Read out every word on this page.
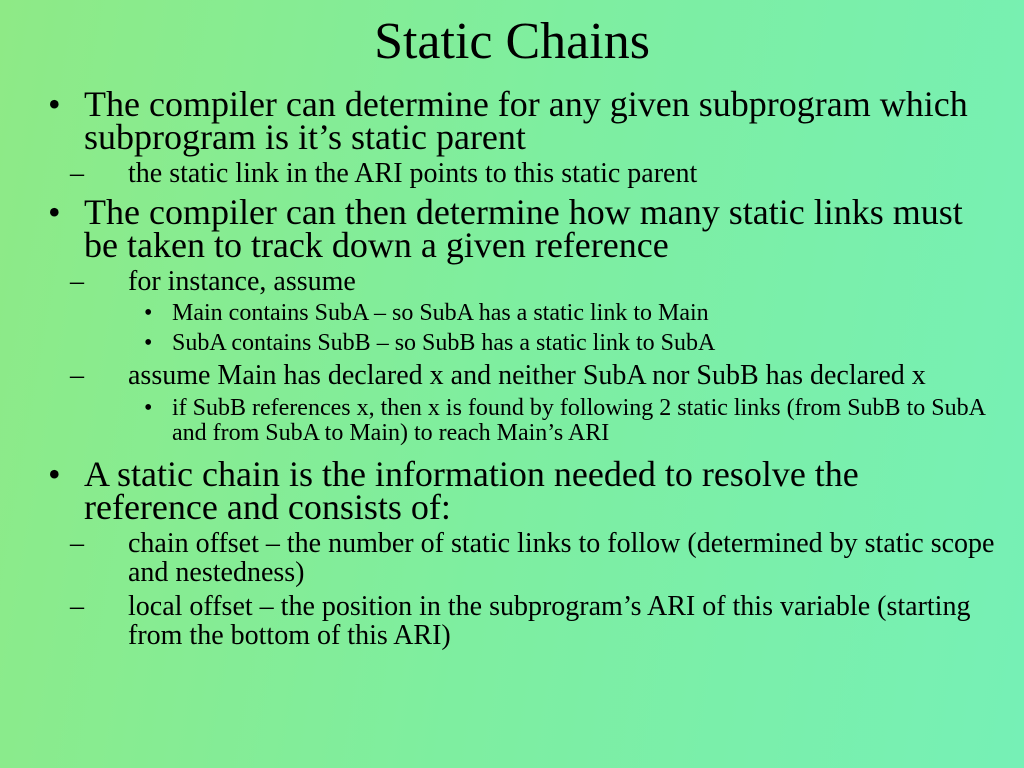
Static Chains
• The compiler can determine for any given subprogram which subprogram is it’s static parent
– the static link in the ARI points to this static parent
• The compiler can then determine how many static links must be taken to track down a given reference
– for instance, assume
• Main contains SubA – so SubA has a static link to Main
• SubA contains SubB – so SubB has a static link to SubA
– assume Main has declared x and neither SubA nor SubB has declared x
• if SubB references x, then x is found by following 2 static links (from SubB to SubA and from SubA to Main) to reach Main’s ARI
• A static chain is the information needed to resolve the reference and consists of:
– chain offset – the number of static links to follow (determined by static scope and nestedness)
– local offset – the position in the subprogram’s ARI of this variable (starting from the bottom of this ARI)
